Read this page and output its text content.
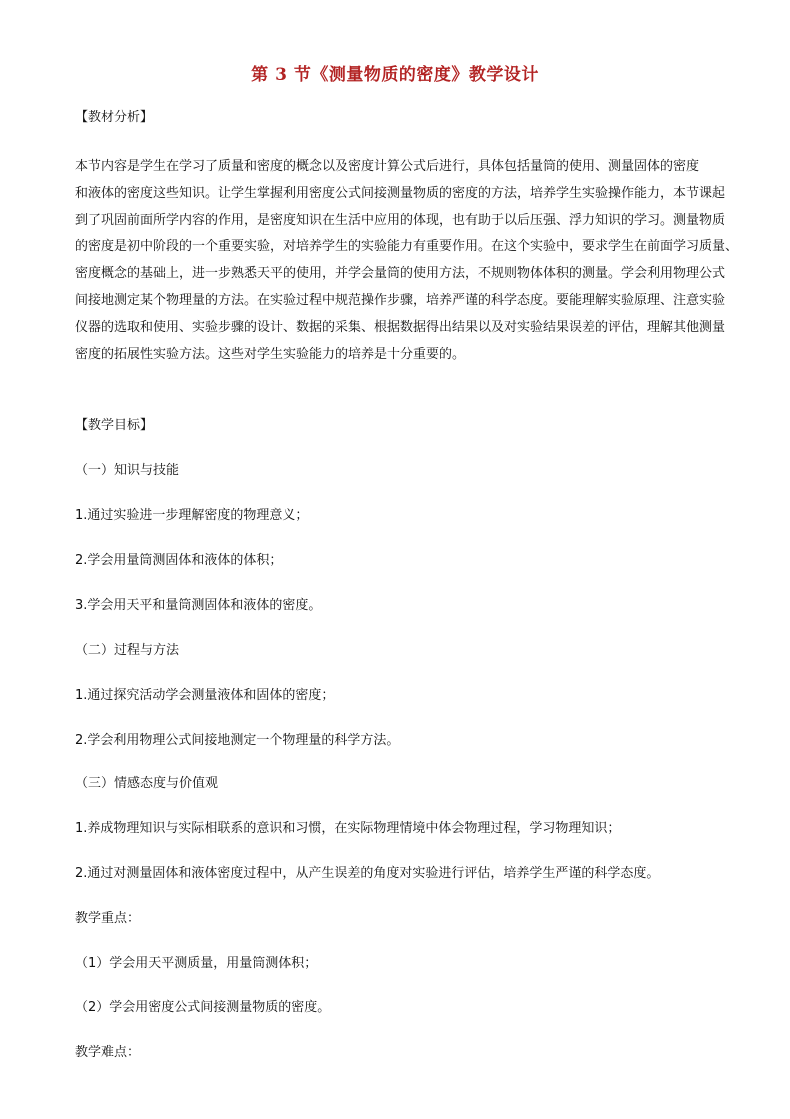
第 3 节《测量物质的密度》教学设计
【教材分析】
本节内容是学生在学习了质量和密度的概念以及密度计算公式后进行，具体包括量筒的使用、测量固体的密度
和液体的密度这些知识。让学生掌握利用密度公式间接测量物质的密度的方法，培养学生实验操作能力，本节课起
到了巩固前面所学内容的作用，是密度知识在生活中应用的体现，也有助于以后压强、浮力知识的学习。测量物质
的密度是初中阶段的一个重要实验，对培养学生的实验能力有重要作用。在这个实验中，要求学生在前面学习质量、
密度概念的基础上，进一步熟悉天平的使用，并学会量筒的使用方法，不规则物体体积的测量。学会利用物理公式
间接地测定某个物理量的方法。在实验过程中规范操作步骤，培养严谨的科学态度。要能理解实验原理、注意实验
仪器的选取和使用、实验步骤的设计、数据的采集、根据数据得出结果以及对实验结果误差的评估，理解其他测量
密度的拓展性实验方法。这些对学生实验能力的培养是十分重要的。
【教学目标】
（一）知识与技能
1.通过实验进一步理解密度的物理意义；
2.学会用量筒测固体和液体的体积；
3.学会用天平和量筒测固体和液体的密度。
（二）过程与方法
1.通过探究活动学会测量液体和固体的密度；
2.学会利用物理公式间接地测定一个物理量的科学方法。
（三）情感态度与价值观
1.养成物理知识与实际相联系的意识和习惯，在实际物理情境中体会物理过程，学习物理知识；
2.通过对测量固体和液体密度过程中，从产生误差的角度对实验进行评估，培养学生严谨的科学态度。
教学重点：
（1）学会用天平测质量，用量筒测体积；
（2）学会用密度公式间接测量物质的密度。
教学难点：
